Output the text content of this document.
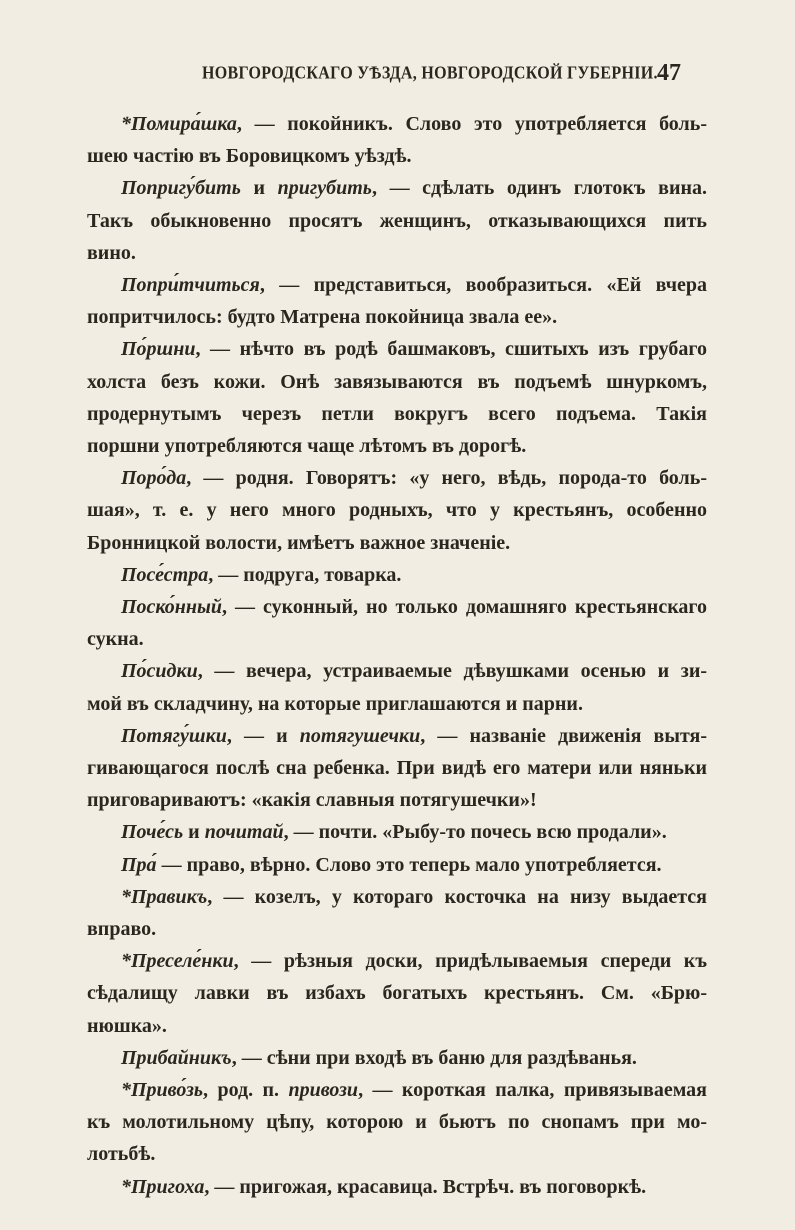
НОВГОРОДСКАГО УѢЗДА, НОВГОРОДСКОЙ ГУБЕРНІИ. 47
*Помира́шка, — покойникъ. Слово это употребляется боль-
шею частію въ Боровицкомъ уѣздѣ.
Попригу́бить и пригубить, — сдѣлать одинъ глотокъ вина.
Такъ обыкновенно просятъ женщинъ, отказывающихся пить
вино.
Попри́тчиться, — представиться, вообразиться. «Ей вчера
попритчилось: будто Матрена покойница звала ее».
По́ршни, — нѣчто въ родѣ башмаковъ, сшитыхъ изъ грубаго
холста безъ кожи. Онѣ завязываются въ подъемѣ шнуркомъ,
продернутымъ черезъ петли вокругъ всего подъема. Такія
поршни употребляются чаще лѣтомъ въ дорогѣ.
Поро́да, — родня. Говорятъ: «у него, вѣдь, порода-то боль-
шая», т. е. у него много родныхъ, что у крестьянъ, особенно
Бронницкой волости, имѣетъ важное значеніе.
Посе́стра, — подруга, товарка.
Поско́нный, — суконный, но только домашняго крестьянскаго
сукна.
По́сидки, — вечера, устраиваемые дѣвушками осенью и зи-
мой въ складчину, на которые приглашаются и парни.
Потягу́шки, — и потягушечки, — названіе движенія вытя-
гивающагося послѣ сна ребенка. При видѣ его матери или няньки
приговариваютъ: «какія славныя потягушечки»!
Поче́сь и почитай, — почти. «Рыбу-то почесь всю продали».
Пра́ — право, вѣрно. Слово это теперь мало употребляется.
*Правикъ, — козелъ, у котораго косточка на низу выдается
вправо.
*Преселе́нки, — рѣзныя доски, придѣлываемыя спереди къ
сѣдалищу лавки въ избахъ богатыхъ крестьянъ. См. «Брю-
нюшка».
Прибайникъ, — сѣни при входѣ въ баню для раздѣванья.
*Приво́зь, род. п. привози, — короткая палка, привязываемая
къ молотильному цѣпу, которою и бьютъ по снопамъ при мо-
лотьбѣ.
*Пригоха, — пригожая, красавица. Встрѣч. въ поговоркѣ.
